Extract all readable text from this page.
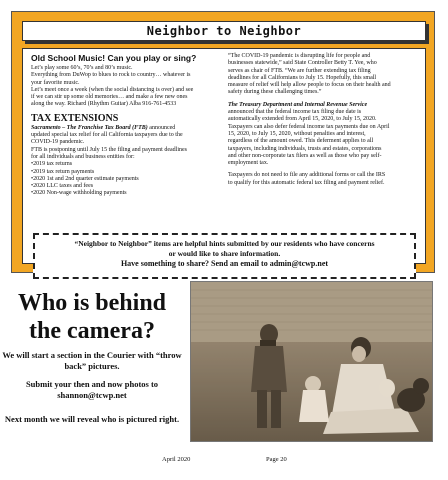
Neighbor to Neighbor
Old School Music! Can you play or sing?
Let’s play some 60’s, 70’s and 80’s music.
Everything from DuWop to blues to rock to country… whatever is
your favorite music.
Let’s meet once a week (when the social distancing is over) and see
if we can stir up some old memories… and make a few new ones
along the way. Richard (Rhythm Guitar) Alba 916-761-4533
TAX EXTENSIONS
Sacramento – The Franchise Tax Board (FTB) announced
updated special tax relief for all California taxpayers due to the
COVID-19 pandemic.
FTB is postponing until July 15 the filing and payment deadlines
for all individuals and business entities for:
•2019 tax returns
•2019 tax return payments
•2020 1st and 2nd quarter estimate payments
•2020 LLC taxes and fees
•2020 Non-wage withholding payments
“The COVID-19 pandemic is disrupting life for people and
businesses statewide,” said State Controller Betty T. Yee, who
serves as chair of FTB. “We are further extending tax filing
deadlines for all Californians to July 15. Hopefully, this small
measure of relief will help allow people to focus on their health and
safety during these challenging times.”
The Treasury Department and Internal Revenue Service
announced that the federal income tax filing due date is
automatically extended from April 15, 2020, to July 15, 2020.
Taxpayers can also defer federal income tax payments due on April
15, 2020, to July 15, 2020, without penalties and interest,
regardless of the amount owed. This deferment applies to all
taxpayers, including individuals, trusts and estates, corporations
and other non-corporate tax filers as well as those who pay self-
employment tax.
Taxpayers do not need to file any additional forms or call the IRS
to qualify for this automatic federal tax filing and payment relief.
“Neighbor to Neighbor” items are helpful hints submitted by our residents who have concerns
or would like to share information.
Have something to share? Send an email to admin@tcwp.net
Who is behind
the camera?
We will start a section in the Courier with “throw back” pictures.
Submit your then and now photos to shannon@tcwp.net
Next month we will reveal who is pictured right.
April 2020	Page 20
